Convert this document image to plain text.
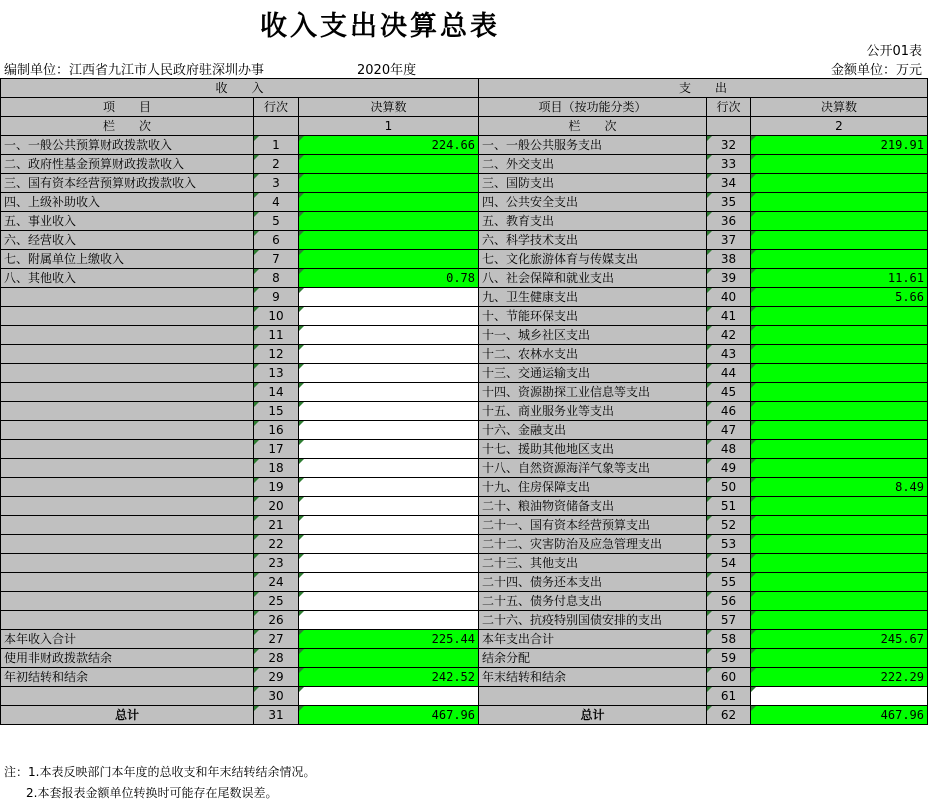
收入支出决算总表
公开01表
编制单位：江西省九江市人民政府驻深圳办事	2020年度	金额单位：万元
收　　入			支　　出		
项　　目	行次	决算数	项目（按功能分类）	行次	决算数
栏　　次		1	栏　　次		2
一、一般公共预算财政拨款收入	1	224.66	一、一般公共服务支出	32	219.91
二、政府性基金预算财政拨款收入	2		二、外交支出	33	
三、国有资本经营预算财政拨款收入	3		三、国防支出	34	
四、上级补助收入	4		四、公共安全支出	35	
五、事业收入	5		五、教育支出	36	
六、经营收入	6		六、科学技术支出	37	
七、附属单位上缴收入	7		七、文化旅游体育与传媒支出	38	
八、其他收入	8	0.78	八、社会保障和就业支出	39	11.61
	9		九、卫生健康支出	40	5.66
	10		十、节能环保支出	41	
	11		十一、城乡社区支出	42	
	12		十二、农林水支出	43	
	13		十三、交通运输支出	44	
	14		十四、资源勘探工业信息等支出	45	
	15		十五、商业服务业等支出	46	
	16		十六、金融支出	47	
	17		十七、援助其他地区支出	48	
	18		十八、自然资源海洋气象等支出	49	
	19		十九、住房保障支出	50	8.49
	20		二十、粮油物资储备支出	51	
	21		二十一、国有资本经营预算支出	52	
	22		二十二、灾害防治及应急管理支出	53	
	23		二十三、其他支出	54	
	24		二十四、债务还本支出	55	
	25		二十五、债务付息支出	56	
	26		二十六、抗疫特别国债安排的支出	57	
本年收入合计	27	225.44	本年支出合计	58	245.67
使用非财政拨款结余	28		结余分配	59	
年初结转和结余	29	242.52	年末结转和结余	60	222.29
	30			61	
总计	31	467.96	总计	62	467.96
注：1.本表反映部门本年度的总收支和年末结转结余情况。
2.本套报表金额单位转换时可能存在尾数误差。
